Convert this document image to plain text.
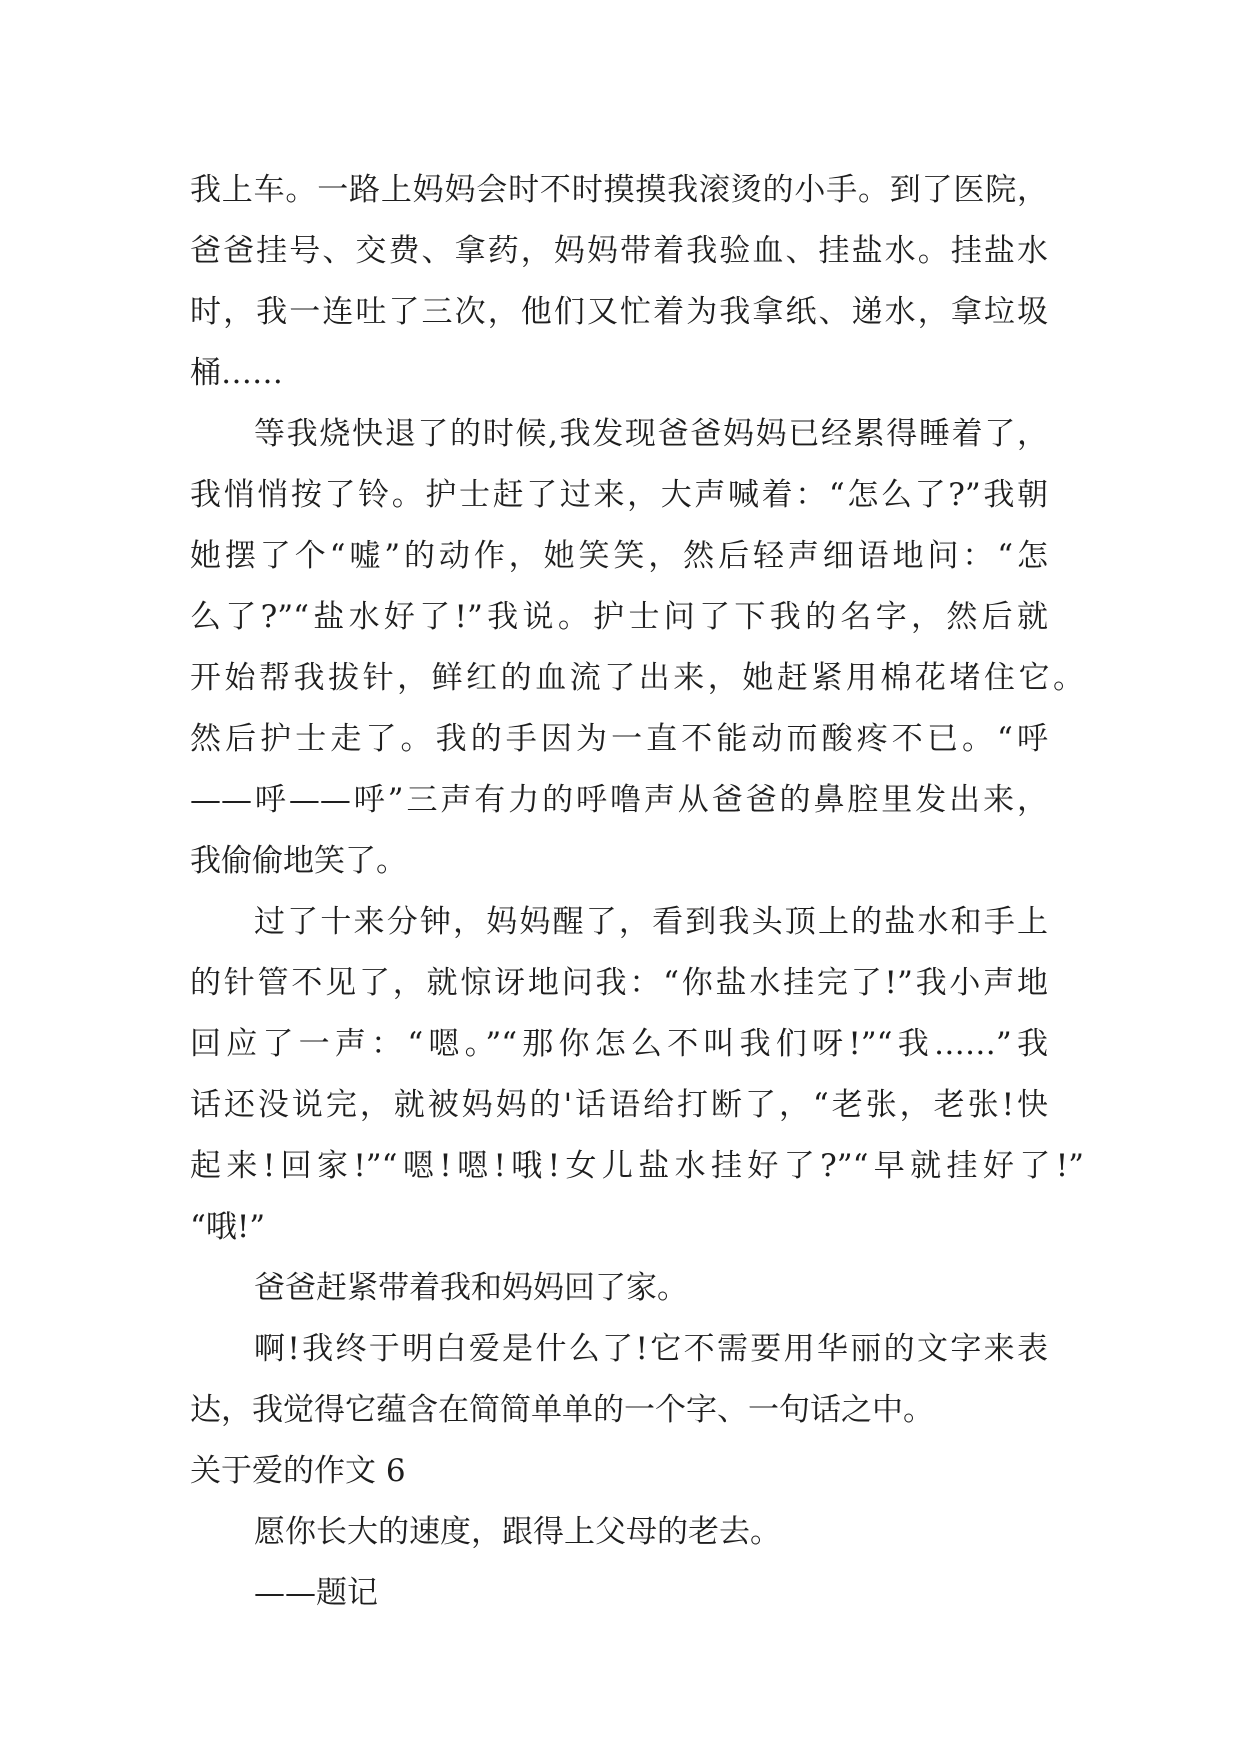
我上车。一路上妈妈会时不时摸摸我滚烫的小手。到了医院，
爸爸挂号、交费、拿药，妈妈带着我验血、挂盐水。挂盐水
时，我一连吐了三次，他们又忙着为我拿纸、递水，拿垃圾
桶……
等我烧快退了的时候,我发现爸爸妈妈已经累得睡着了，
我悄悄按了铃。护士赶了过来，大声喊着：“怎么了?”我朝
她摆了个“嘘”的动作，她笑笑，然后轻声细语地问：“怎
么了?”“盐水好了!”我说。护士问了下我的名字，然后就
开始帮我拔针，鲜红的血流了出来，她赶紧用棉花堵住它。
然后护士走了。我的手因为一直不能动而酸疼不已。“呼
——呼——呼”三声有力的呼噜声从爸爸的鼻腔里发出来，
我偷偷地笑了。
过了十来分钟，妈妈醒了，看到我头顶上的盐水和手上
的针管不见了，就惊讶地问我：“你盐水挂完了!”我小声地
回应了一声：“嗯。”“那你怎么不叫我们呀!”“我……”我
话还没说完，就被妈妈的'话语给打断了，“老张，老张!快
起来!回家!”“嗯!嗯!哦!女儿盐水挂好了?”“早就挂好了!”
“哦!”
爸爸赶紧带着我和妈妈回了家。
啊!我终于明白爱是什么了!它不需要用华丽的文字来表
达，我觉得它蕴含在简简单单的一个字、一句话之中。
关于爱的作文 6
愿你长大的速度，跟得上父母的老去。
——题记
